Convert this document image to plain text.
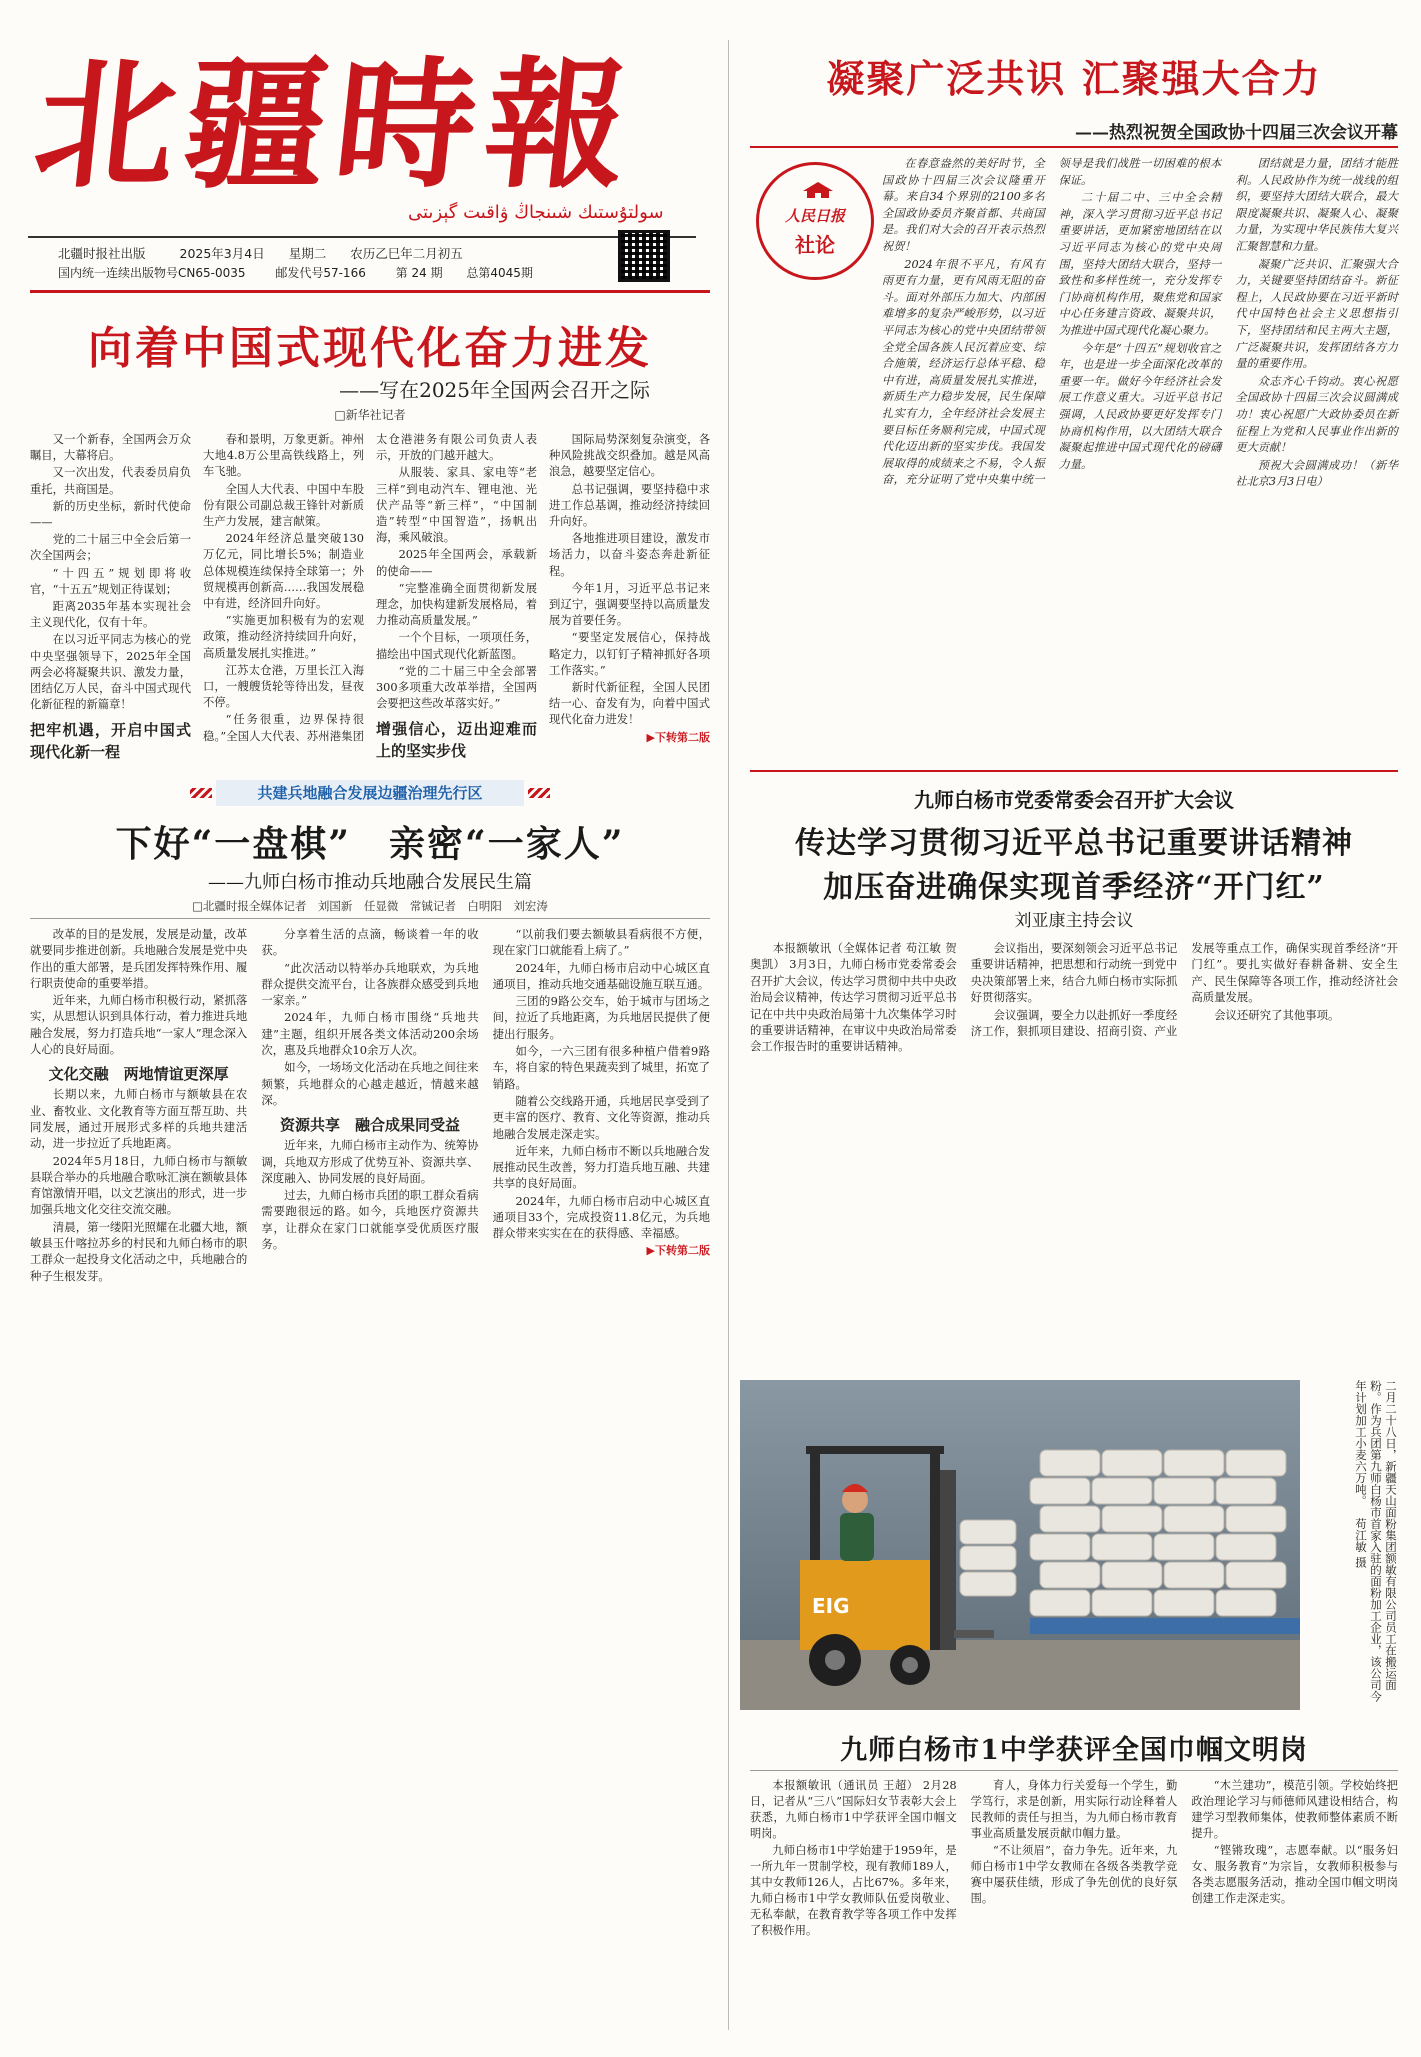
北疆時報
سولتۇستىك شىنجاڭ ۋاقىت گېزىتى
北疆时报社出版	2025年3月4日 星期二 农历乙巳年二月初五
国内统一连续出版物号CN65-0035 邮发代号57-166 第 24 期 总第4045期
凝聚广泛共识 汇聚强大合力
——热烈祝贺全国政协十四届三次会议开幕
人民日报
社论

在春意盎然的美好时节，全国政协十四届三次会议隆重开幕。来自34个界别的2100多名全国政协委员齐聚首都、共商国是。我们对大会的召开表示热烈祝贺！

2024年很不平凡，有风有雨更有力量，更有风雨无阻的奋斗。面对外部压力加大、内部困难增多的复杂严峻形势，以习近平同志为核心的党中央团结带领全党全国各族人民沉着应变、综合施策，经济运行总体平稳、稳中有进，高质量发展扎实推进，新质生产力稳步发展，民生保障扎实有力，全年经济社会发展主要目标任务顺利完成，中国式现代化迈出新的坚实步伐。我国发展取得的成绩来之不易，令人振奋，充分证明了党中央集中统一领导是我们战胜一切困难的根本保证。

二十届二中、三中全会精神，深入学习贯彻习近平总书记重要讲话，更加紧密地团结在以习近平同志为核心的党中央周围，坚持大团结大联合，坚持一致性和多样性统一，充分发挥专门协商机构作用，聚焦党和国家中心任务建言资政、凝聚共识，为推进中国式现代化凝心聚力。

今年是“十四五”规划收官之年，也是进一步全面深化改革的重要一年。做好今年经济社会发展工作意义重大。习近平总书记强调，人民政协要更好发挥专门协商机构作用，以大团结大联合凝聚起推进中国式现代化的磅礴力量。

团结就是力量，团结才能胜利。人民政协作为统一战线的组织，要坚持大团结大联合，最大限度凝聚共识、凝聚人心、凝聚力量，为实现中华民族伟大复兴汇聚智慧和力量。

凝聚广泛共识、汇聚强大合力，关键要坚持团结奋斗。新征程上，人民政协要在习近平新时代中国特色社会主义思想指引下，坚持团结和民主两大主题，广泛凝聚共识，发挥团结各方力量的重要作用。

众志齐心千钧动。衷心祝愿全国政协十四届三次会议圆满成功！衷心祝愿广大政协委员在新征程上为党和人民事业作出新的更大贡献！

预祝大会圆满成功！（新华社北京3月3日电）

向着中国式现代化奋力进发
——写在2025年全国两会召开之际
□新华社记者

又一个新春，全国两会万众瞩目，大幕将启。

又一次出发，代表委员肩负重托，共商国是。

新的历史坐标，新时代使命——

党的二十届三中全会后第一次全国两会；

“十四五”规划即将收官，“十五五”规划正待谋划；

距离2035年基本实现社会主义现代化，仅有十年。

在以习近平同志为核心的党中央坚强领导下，2025年全国两会必将凝聚共识、激发力量，团结亿万人民，奋斗中国式现代化新征程的新篇章！

把牢机遇，开启中国式现代化新一程

春和景明，万象更新。神州大地4.8万公里高铁线路上，列车飞驰。

全国人大代表、中国中车股份有限公司副总裁王锋针对新质生产力发展，建言献策。

2024年经济总量突破130万亿元，同比增长5%；制造业总体规模连续保持全球第一；外贸规模再创新高……我国发展稳中有进，经济回升向好。

“实施更加积极有为的宏观政策，推动经济持续回升向好，高质量发展扎实推进。”

江苏太仓港，万里长江入海口，一艘艘货轮等待出发，昼夜不停。

“任务很重，边界保持很稳。”全国人大代表、苏州港集团太仓港港务有限公司负责人表示，开放的门越开越大。

从服装、家具、家电等“老三样”到电动汽车、锂电池、光伏产品等“新三样”，“中国制造”转型“中国智造”，扬帆出海，乘风破浪。

2025年全国两会，承载新的使命——

“完整准确全面贯彻新发展理念，加快构建新发展格局，着力推动高质量发展。”

一个个目标，一项项任务，描绘出中国式现代化新蓝图。

“党的二十届三中全会部署300多项重大改革举措，全国两会要把这些改革落实好。”

增强信心，迈出迎难而上的坚实步伐

国际局势深刻复杂演变，各种风险挑战交织叠加。越是风高浪急，越要坚定信心。

总书记强调，要坚持稳中求进工作总基调，推动经济持续回升向好。

各地推进项目建设，激发市场活力，以奋斗姿态奔赴新征程。

今年1月，习近平总书记来到辽宁，强调要坚持以高质量发展为首要任务。

“要坚定发展信心，保持战略定力，以钉钉子精神抓好各项工作落实。”

新时代新征程，全国人民团结一心、奋发有为，向着中国式现代化奋力进发！

▶下转第二版

九师白杨市党委常委会召开扩大会议
传达学习贯彻习近平总书记重要讲话精神
加压奋进确保实现首季经济“开门红”
刘亚康主持会议

本报额敏讯（全媒体记者 苟江敏 贺奥凯） 3月3日，九师白杨市党委常委会召开扩大会议，传达学习贯彻中共中央政治局会议精神，传达学习贯彻习近平总书记在中共中央政治局第十九次集体学习时的重要讲话精神，在审议中央政治局常委会工作报告时的重要讲话精神。

会议指出，要深刻领会习近平总书记重要讲话精神，把思想和行动统一到党中央决策部署上来，结合九师白杨市实际抓好贯彻落实。

会议强调，要全力以赴抓好一季度经济工作，狠抓项目建设、招商引资、产业发展等重点工作，确保实现首季经济“开门红”。要扎实做好春耕备耕、安全生产、民生保障等各项工作，推动经济社会高质量发展。

会议还研究了其他事项。

共建兵地融合发展边疆治理先行区
下好“一盘棋”　亲密“一家人”
——九师白杨市推动兵地融合发展民生篇
□北疆时报全媒体记者　刘国新　任显微　常铖记者　白明阳　刘宏涛

改革的目的是发展，发展是动量，改革就要同步推进创新。兵地融合发展是党中央作出的重大部署，是兵团发挥特殊作用、履行职责使命的重要举措。

近年来，九师白杨市积极行动，紧抓落实，从思想认识到具体行动，着力推进兵地融合发展，努力打造兵地“一家人”理念深入人心的良好局面。

文化交融　两地情谊更深厚

长期以来，九师白杨市与额敏县在农业、畜牧业、文化教育等方面互帮互助、共同发展，通过开展形式多样的兵地共建活动，进一步拉近了兵地距离。

2024年5月18日，九师白杨市与额敏县联合举办的兵地融合歌咏汇演在额敏县体育馆激情开唱，以文艺演出的形式，进一步加强兵地文化交往交流交融。

清晨，第一缕阳光照耀在北疆大地，额敏县玉什喀拉苏乡的村民和九师白杨市的职工群众一起投身文化活动之中，兵地融合的种子生根发芽。

分享着生活的点滴，畅谈着一年的收获。

“此次活动以特举办兵地联欢，为兵地群众提供交流平台，让各族群众感受到兵地一家亲。”

2024年，九师白杨市围绕“兵地共建”主题，组织开展各类文体活动200余场次，惠及兵地群众10余万人次。

如今，一场场文化活动在兵地之间往来频繁，兵地群众的心越走越近，情越来越深。

资源共享　融合成果同受益

近年来，九师白杨市主动作为、统筹协调，兵地双方形成了优势互补、资源共享、深度融入、协同发展的良好局面。

过去，九师白杨市兵团的职工群众看病需要跑很远的路。如今，兵地医疗资源共享，让群众在家门口就能享受优质医疗服务。

“以前我们要去额敏县看病很不方便，现在家门口就能看上病了。”

2024年，九师白杨市启动中心城区直通项目，推动兵地交通基础设施互联互通。

三团的9路公交车，始于城市与团场之间，拉近了兵地距离，为兵地居民提供了便捷出行服务。

如今，一六三团有很多种植户借着9路车，将自家的特色果蔬卖到了城里，拓宽了销路。

随着公交线路开通，兵地居民享受到了更丰富的医疗、教育、文化等资源，推动兵地融合发展走深走实。

近年来，九师白杨市不断以兵地融合发展推动民生改善，努力打造兵地互融、共建共享的良好局面。

2024年，九师白杨市启动中心城区直通项目33个，完成投资11.8亿元，为兵地群众带来实实在在的获得感、幸福感。

▶下转第二版

EIG	二月二十八日，新疆天山面粉集团额敏有限公司员工在搬运面粉。作为兵团第九师白杨市首家入驻的面粉加工企业，该公司今年计划加工小麦六万吨。 苟江敏 摄
九师白杨市1中学获评全国巾帼文明岗

本报额敏讯（通讯员 王超） 2月28日，记者从“三八”国际妇女节表彰大会上获悉，九师白杨市1中学获评全国巾帼文明岗。

九师白杨市1中学始建于1959年，是一所九年一贯制学校，现有教师189人，其中女教师126人，占比67%。多年来，九师白杨市1中学女教师队伍爱岗敬业、无私奉献，在教育教学等各项工作中发挥了积极作用。

育人，身体力行关爱每一个学生，勤学笃行，求是创新，用实际行动诠释着人民教师的责任与担当，为九师白杨市教育事业高质量发展贡献巾帼力量。

“不让须眉”，奋力争先。近年来，九师白杨市1中学女教师在各级各类教学竞赛中屡获佳绩，形成了争先创优的良好氛围。

“木兰建功”，模范引领。学校始终把政治理论学习与师德师风建设相结合，构建学习型教师集体，使教师整体素质不断提升。

“铿锵玫瑰”，志愿奉献。以“服务妇女、服务教育”为宗旨，女教师积极参与各类志愿服务活动，推动全国巾帼文明岗创建工作走深走实。
